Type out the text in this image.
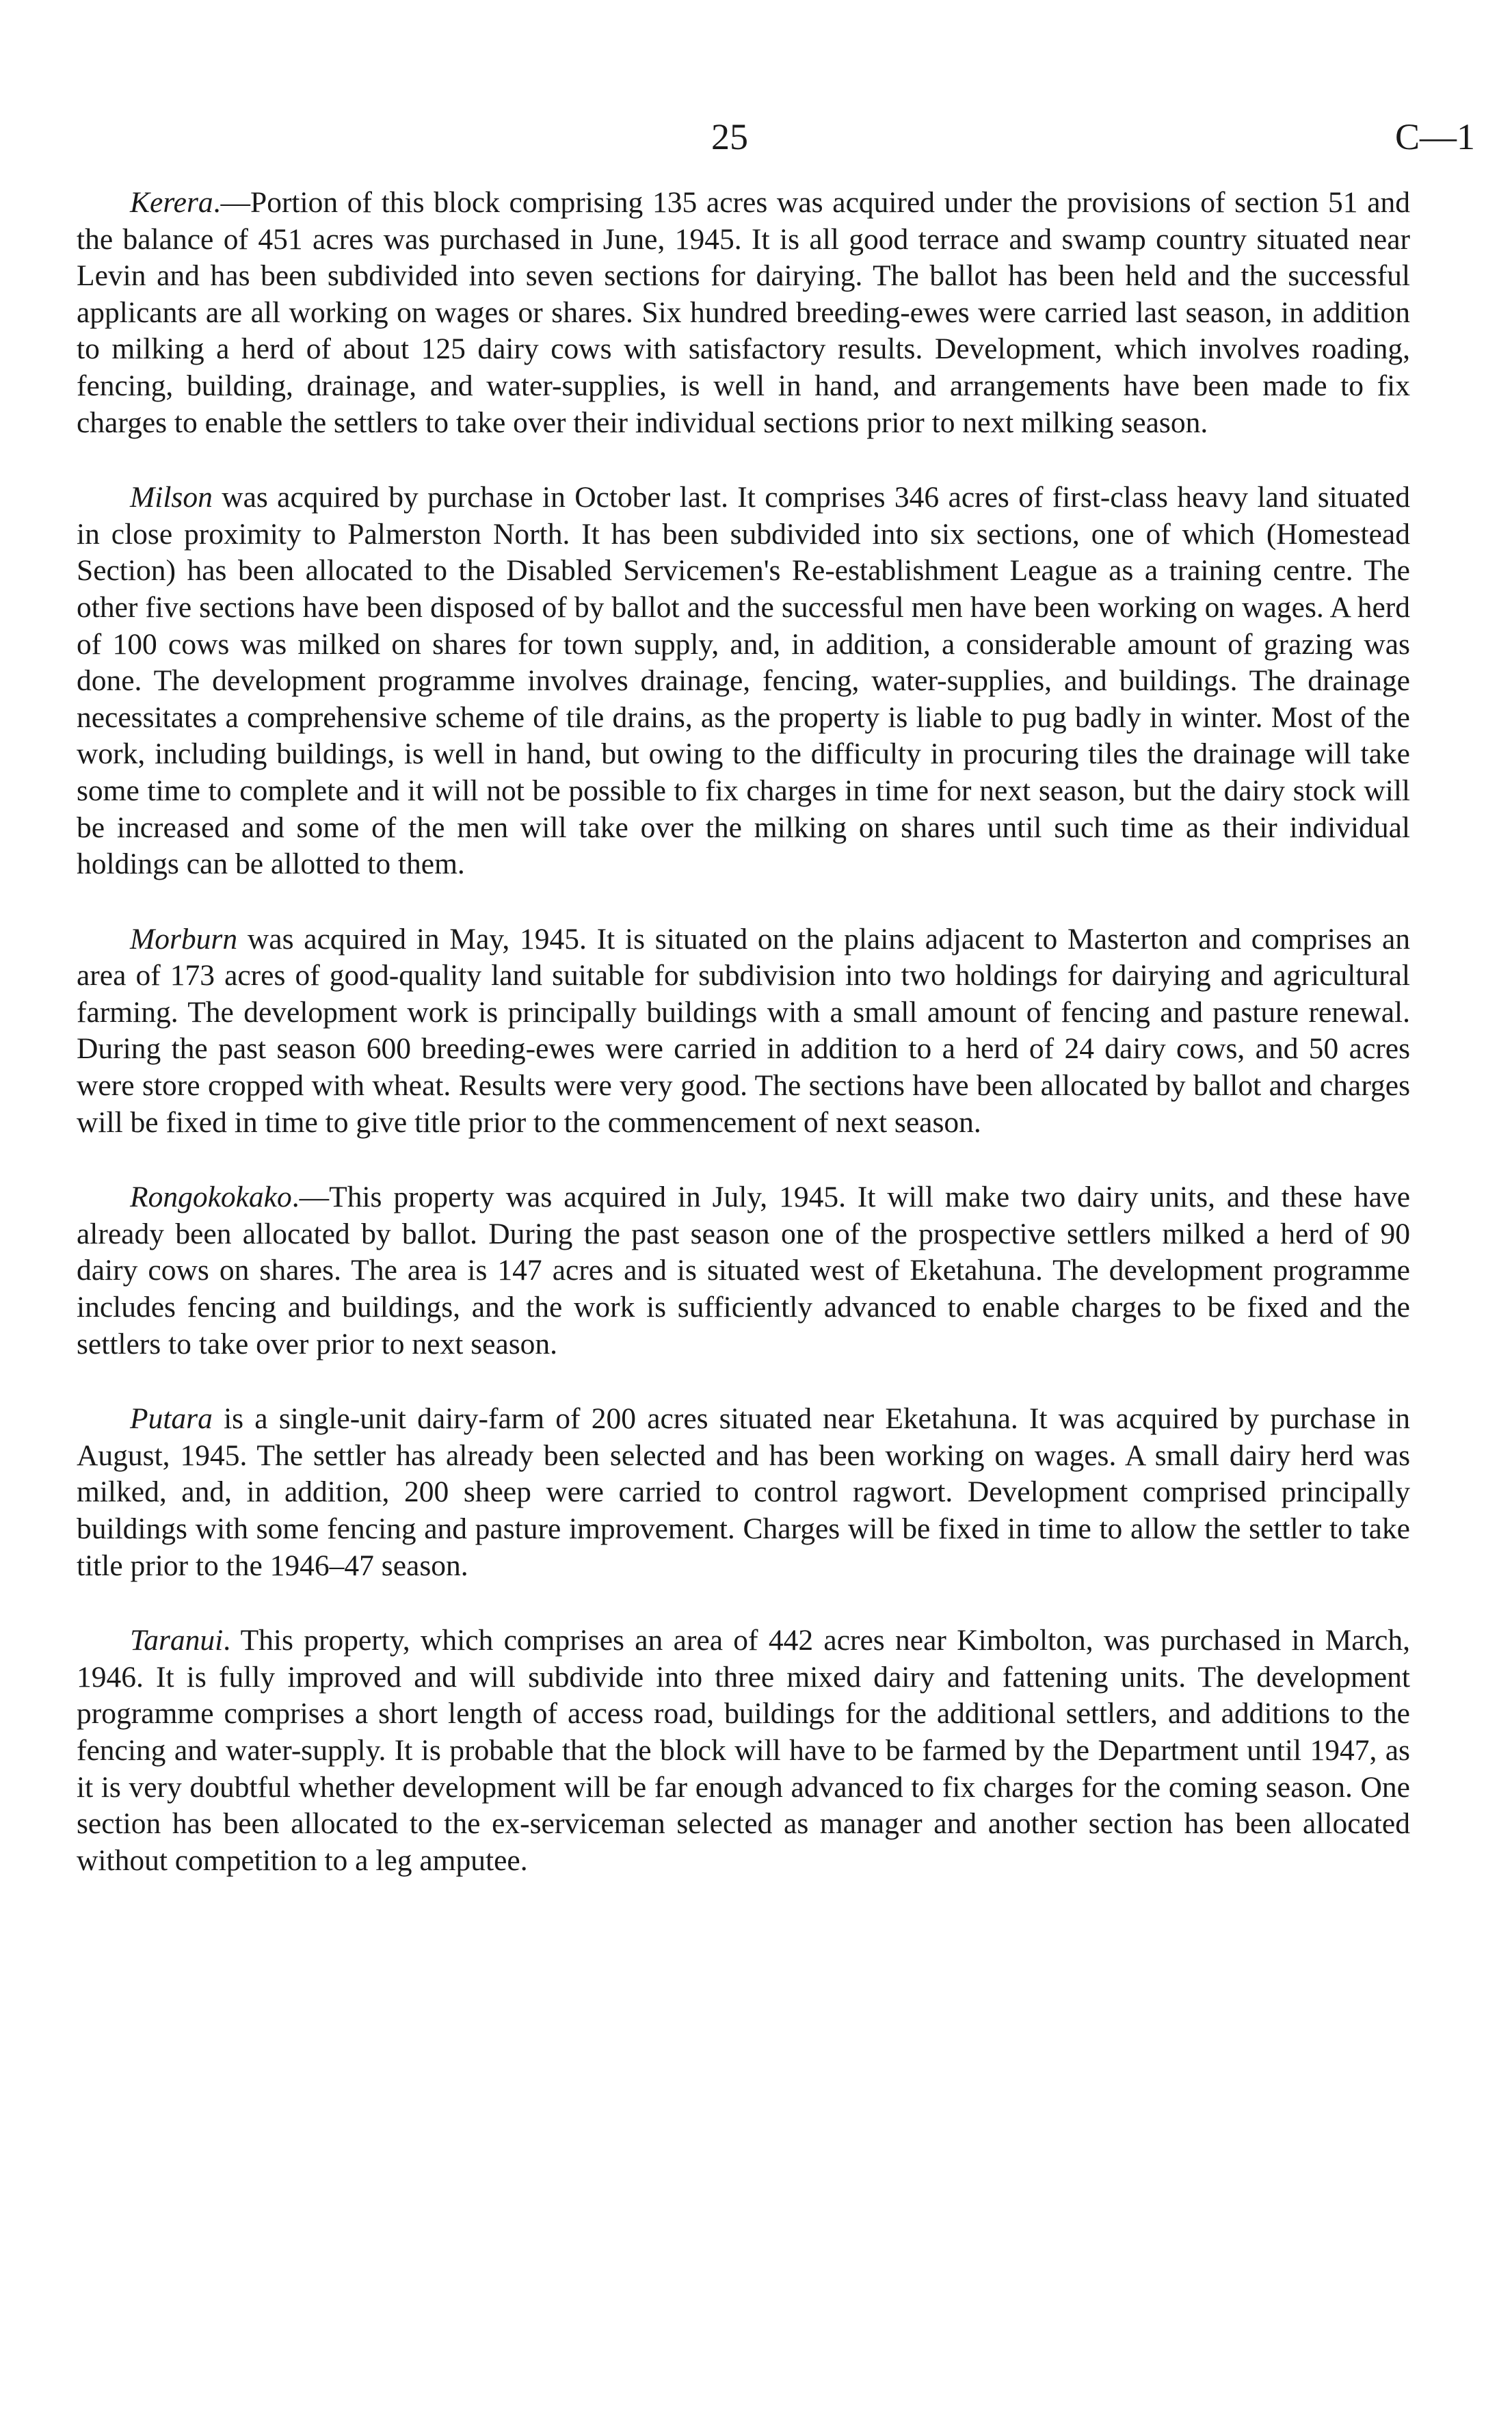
25	C—1

Kerera.—Portion of this block comprising 135 acres was acquired under the provisions of section 51 and the balance of 451 acres was purchased in June, 1945. It is all good terrace and swamp country situated near Levin and has been subdivided into seven sections for dairying. The ballot has been held and the successful applicants are all working on wages or shares. Six hundred breeding-ewes were carried last season, in addition to milking a herd of about 125 dairy cows with satisfactory results. Development, which involves roading, fencing, building, drainage, and water-supplies, is well in hand, and arrangements have been made to fix charges to enable the settlers to take over their individual sections prior to next milking season.

Milson was acquired by purchase in October last. It comprises 346 acres of first-class heavy land situated in close proximity to Palmerston North. It has been subdivided into six sections, one of which (Homestead Section) has been allocated to the Disabled Servicemen's Re-establishment League as a training centre. The other five sections have been disposed of by ballot and the successful men have been working on wages. A herd of 100 cows was milked on shares for town supply, and, in addition, a considerable amount of grazing was done. The development programme involves drainage, fencing, water-supplies, and buildings. The drainage necessitates a comprehensive scheme of tile drains, as the property is liable to pug badly in winter. Most of the work, including buildings, is well in hand, but owing to the difficulty in procuring tiles the drainage will take some time to complete and it will not be possible to fix charges in time for next season, but the dairy stock will be increased and some of the men will take over the milking on shares until such time as their individual holdings can be allotted to them.

Morburn was acquired in May, 1945. It is situated on the plains adjacent to Masterton and comprises an area of 173 acres of good-quality land suitable for subdivision into two holdings for dairying and agricultural farming. The development work is principally buildings with a small amount of fencing and pasture renewal. During the past season 600 breeding-ewes were carried in addition to a herd of 24 dairy cows, and 50 acres were store cropped with wheat. Results were very good. The sections have been allocated by ballot and charges will be fixed in time to give title prior to the commencement of next season.

Rongokokako.—This property was acquired in July, 1945. It will make two dairy units, and these have already been allocated by ballot. During the past season one of the prospective settlers milked a herd of 90 dairy cows on shares. The area is 147 acres and is situated west of Eketahuna. The development programme includes fencing and buildings, and the work is sufficiently advanced to enable charges to be fixed and the settlers to take over prior to next season.

Putara is a single-unit dairy-farm of 200 acres situated near Eketahuna. It was acquired by purchase in August, 1945. The settler has already been selected and has been working on wages. A small dairy herd was milked, and, in addition, 200 sheep were carried to control ragwort. Development comprised principally buildings with some fencing and pasture improvement. Charges will be fixed in time to allow the settler to take title prior to the 1946–47 season.

Taranui. This property, which comprises an area of 442 acres near Kimbolton, was purchased in March, 1946. It is fully improved and will subdivide into three mixed dairy and fattening units. The development programme comprises a short length of access road, buildings for the additional settlers, and additions to the fencing and water-supply. It is probable that the block will have to be farmed by the Department until 1947, as it is very doubtful whether development will be far enough advanced to fix charges for the coming season. One section has been allocated to the ex-serviceman selected as manager and another section has been allocated without competition to a leg amputee.
